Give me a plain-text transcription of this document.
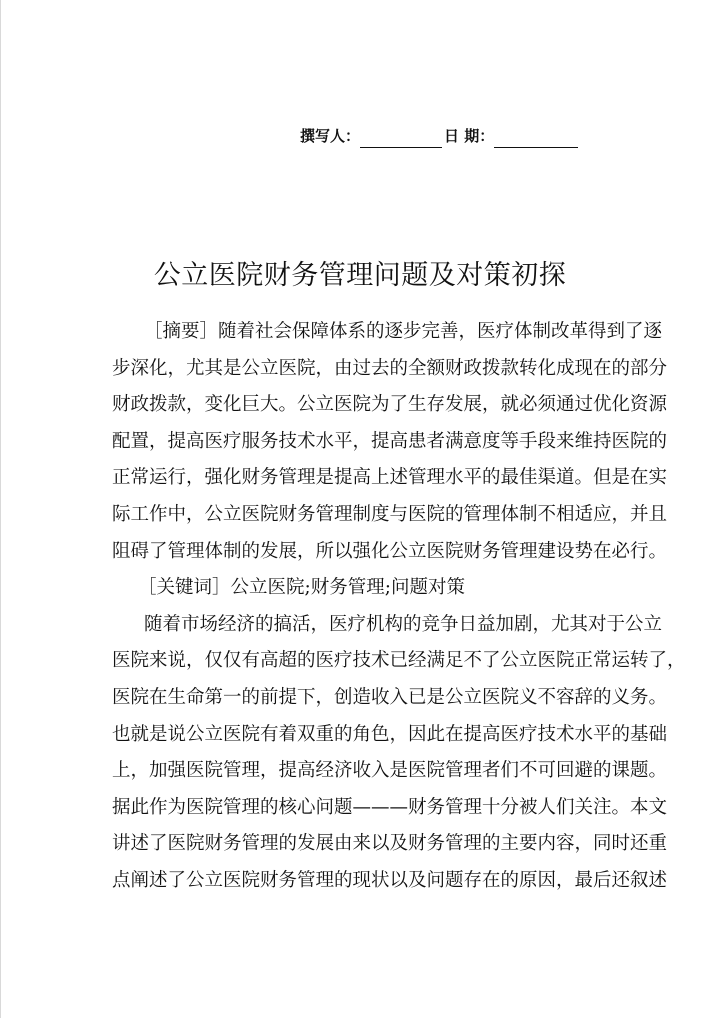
撰写人：	日 期：
公立医院财务管理问题及对策初探
［摘要］随着社会保障体系的逐步完善，医疗体制改革得到了逐
步深化，尤其是公立医院，由过去的全额财政拨款转化成现在的部分
财政拨款，变化巨大。公立医院为了生存发展，就必须通过优化资源
配置，提高医疗服务技术水平，提高患者满意度等手段来维持医院的
正常运行，强化财务管理是提高上述管理水平的最佳渠道。但是在实
际工作中，公立医院财务管理制度与医院的管理体制不相适应，并且
阻碍了管理体制的发展，所以强化公立医院财务管理建设势在必行。
［关键词］公立医院;财务管理;问题对策
随着市场经济的搞活，医疗机构的竞争日益加剧，尤其对于公立
医院来说，仅仅有高超的医疗技术已经满足不了公立医院正常运转了，
医院在生命第一的前提下，创造收入已是公立医院义不容辞的义务。
也就是说公立医院有着双重的角色，因此在提高医疗技术水平的基础
上，加强医院管理，提高经济收入是医院管理者们不可回避的课题。
据此作为医院管理的核心问题———财务管理十分被人们关注。本文
讲述了医院财务管理的发展由来以及财务管理的主要内容，同时还重
点阐述了公立医院财务管理的现状以及问题存在的原因，最后还叙述
